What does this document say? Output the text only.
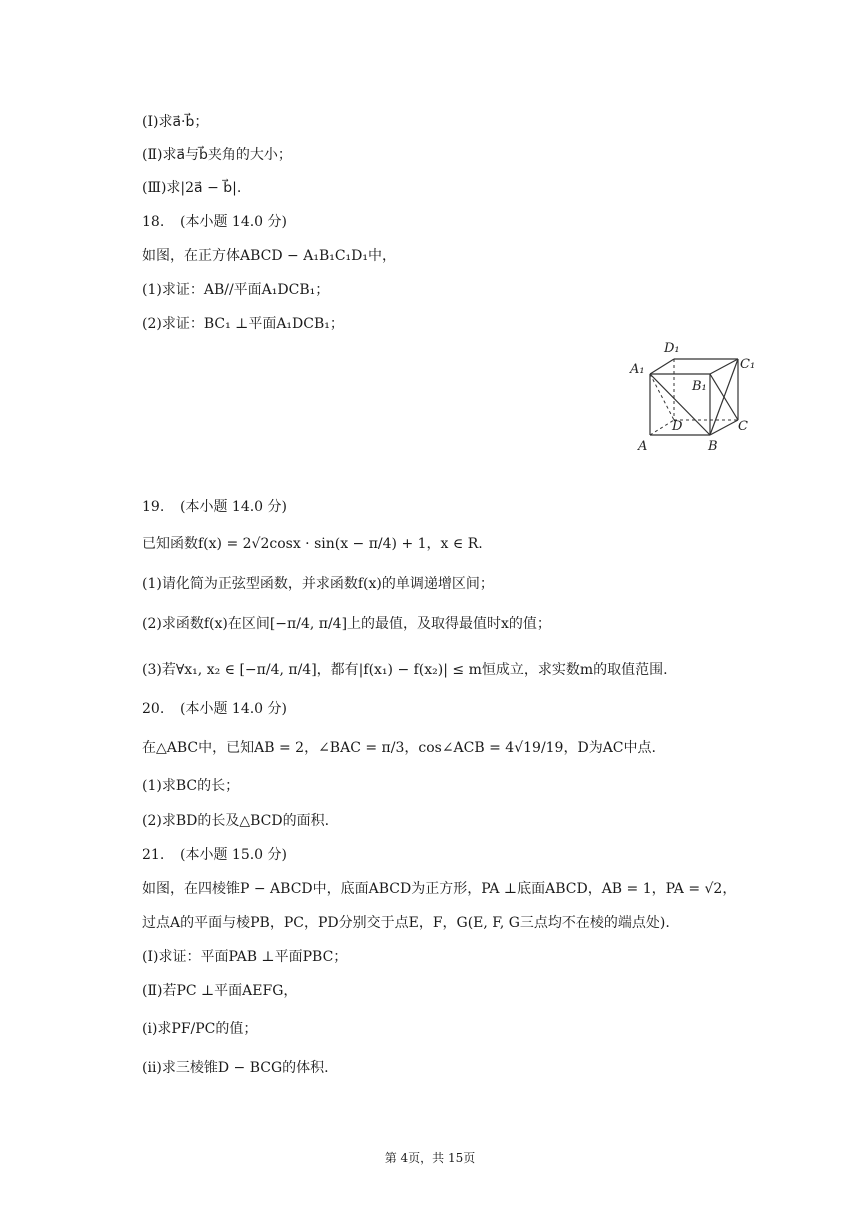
(Ⅰ)求a⃗·b⃗；
(Ⅱ)求a⃗与b⃗夹角的大小；
(Ⅲ)求|2a⃗ − b⃗|.
18. (本小题 14.0 分)
如图，在正方体ABCD − A₁B₁C₁D₁中，
(1)求证：AB//平面A₁DCB₁；
(2)求证：BC₁ ⊥平面A₁DCB₁；
D₁
C₁
A₁
B₁
D	C
A	B
19. (本小题 14.0 分)
已知函数f(x) = 2√2cosx · sin(x − π/4) + 1，x ∈ R.
(1)请化简为正弦型函数，并求函数f(x)的单调递增区间；
(2)求函数f(x)在区间[−π/4, π/4]上的最值，及取得最值时x的值；
(3)若∀x₁, x₂ ∈ [−π/4, π/4]，都有|f(x₁) − f(x₂)| ≤ m恒成立，求实数m的取值范围.
20. (本小题 14.0 分)
在△ABC中，已知AB = 2，∠BAC = π/3，cos∠ACB = 4√19/19，D为AC中点.
(1)求BC的长；
(2)求BD的长及△BCD的面积.
21. (本小题 15.0 分)
如图，在四棱锥P − ABCD中，底面ABCD为正方形，PA ⊥底面ABCD，AB = 1，PA = √2，
过点A的平面与棱PB，PC，PD分别交于点E，F，G(E, F, G三点均不在棱的端点处).
(Ⅰ)求证：平面PAB ⊥平面PBC；
(Ⅱ)若PC ⊥平面AEFG，
(ⅰ)求PF/PC的值；
(ⅱ)求三棱锥D − BCG的体积.
第 4页，共 15页
